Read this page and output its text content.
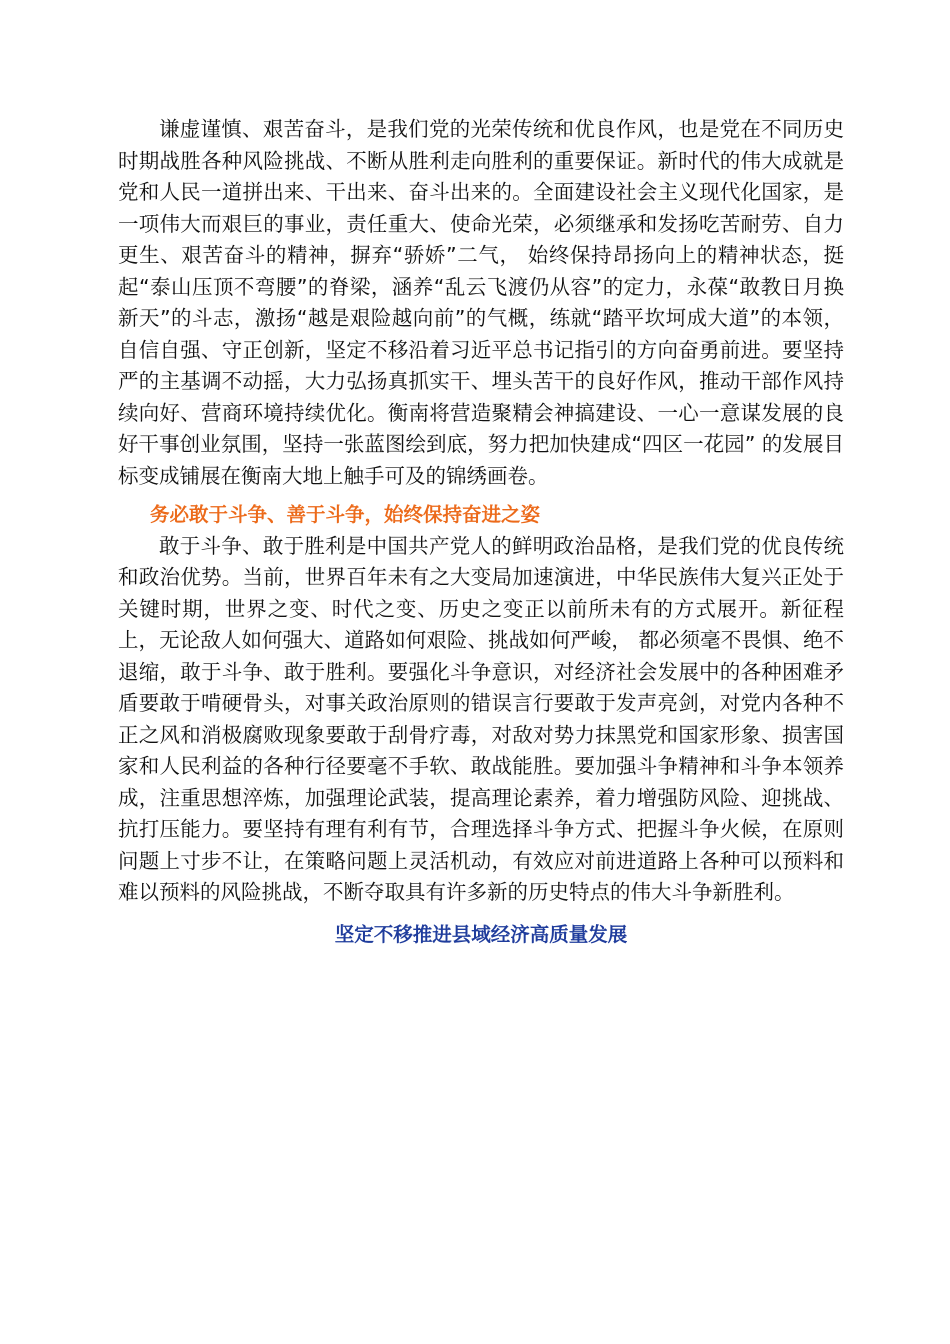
谦虚谨慎、艰苦奋斗，是我们党的光荣传统和优良作风，也是党在不同历史时期战胜各种风险挑战、不断从胜利走向胜利的重要保证。新时代的伟大成就是党和人民一道拼出来、干出来、奋斗出来的。全面建设社会主义现代化国家，是一项伟大而艰巨的事业，责任重大、使命光荣，必须继承和发扬吃苦耐劳、自力更生、艰苦奋斗的精神，摒弃“骄娇”二气， 始终保持昂扬向上的精神状态，挺起“泰山压顶不弯腰”的脊梁，涵养“乱云飞渡仍从容”的定力，永葆“敢教日月换新天”的斗志，激扬“越是艰险越向前”的气概，练就“踏平坎坷成大道”的本领，自信自强、守正创新，坚定不移沿着习近平总书记指引的方向奋勇前进。要坚持严的主基调不动摇，大力弘扬真抓实干、埋头苦干的良好作风，推动干部作风持续向好、营商环境持续优化。衡南将营造聚精会神搞建设、一心一意谋发展的良好干事创业氛围，坚持一张蓝图绘到底，努力把加快建成“四区一花园” 的发展目标变成铺展在衡南大地上触手可及的锦绣画卷。

务必敢于斗争、善于斗争，始终保持奋进之姿

敢于斗争、敢于胜利是中国共产党人的鲜明政治品格，是我们党的优良传统和政治优势。当前，世界百年未有之大变局加速演进，中华民族伟大复兴正处于关键时期，世界之变、时代之变、历史之变正以前所未有的方式展开。新征程上，无论敌人如何强大、道路如何艰险、挑战如何严峻， 都必须毫不畏惧、绝不退缩，敢于斗争、敢于胜利。要强化斗争意识，对经济社会发展中的各种困难矛盾要敢于啃硬骨头，对事关政治原则的错误言行要敢于发声亮剑，对党内各种不正之风和消极腐败现象要敢于刮骨疗毒，对敌对势力抹黑党和国家形象、损害国家和人民利益的各种行径要毫不手软、敢战能胜。要加强斗争精神和斗争本领养成，注重思想淬炼，加强理论武装，提高理论素养，着力增强防风险、迎挑战、抗打压能力。要坚持有理有利有节，合理选择斗争方式、把握斗争火候，在原则问题上寸步不让，在策略问题上灵活机动，有效应对前进道路上各种可以预料和难以预料的风险挑战，不断夺取具有许多新的历史特点的伟大斗争新胜利。

坚定不移推进县域经济高质量发展
